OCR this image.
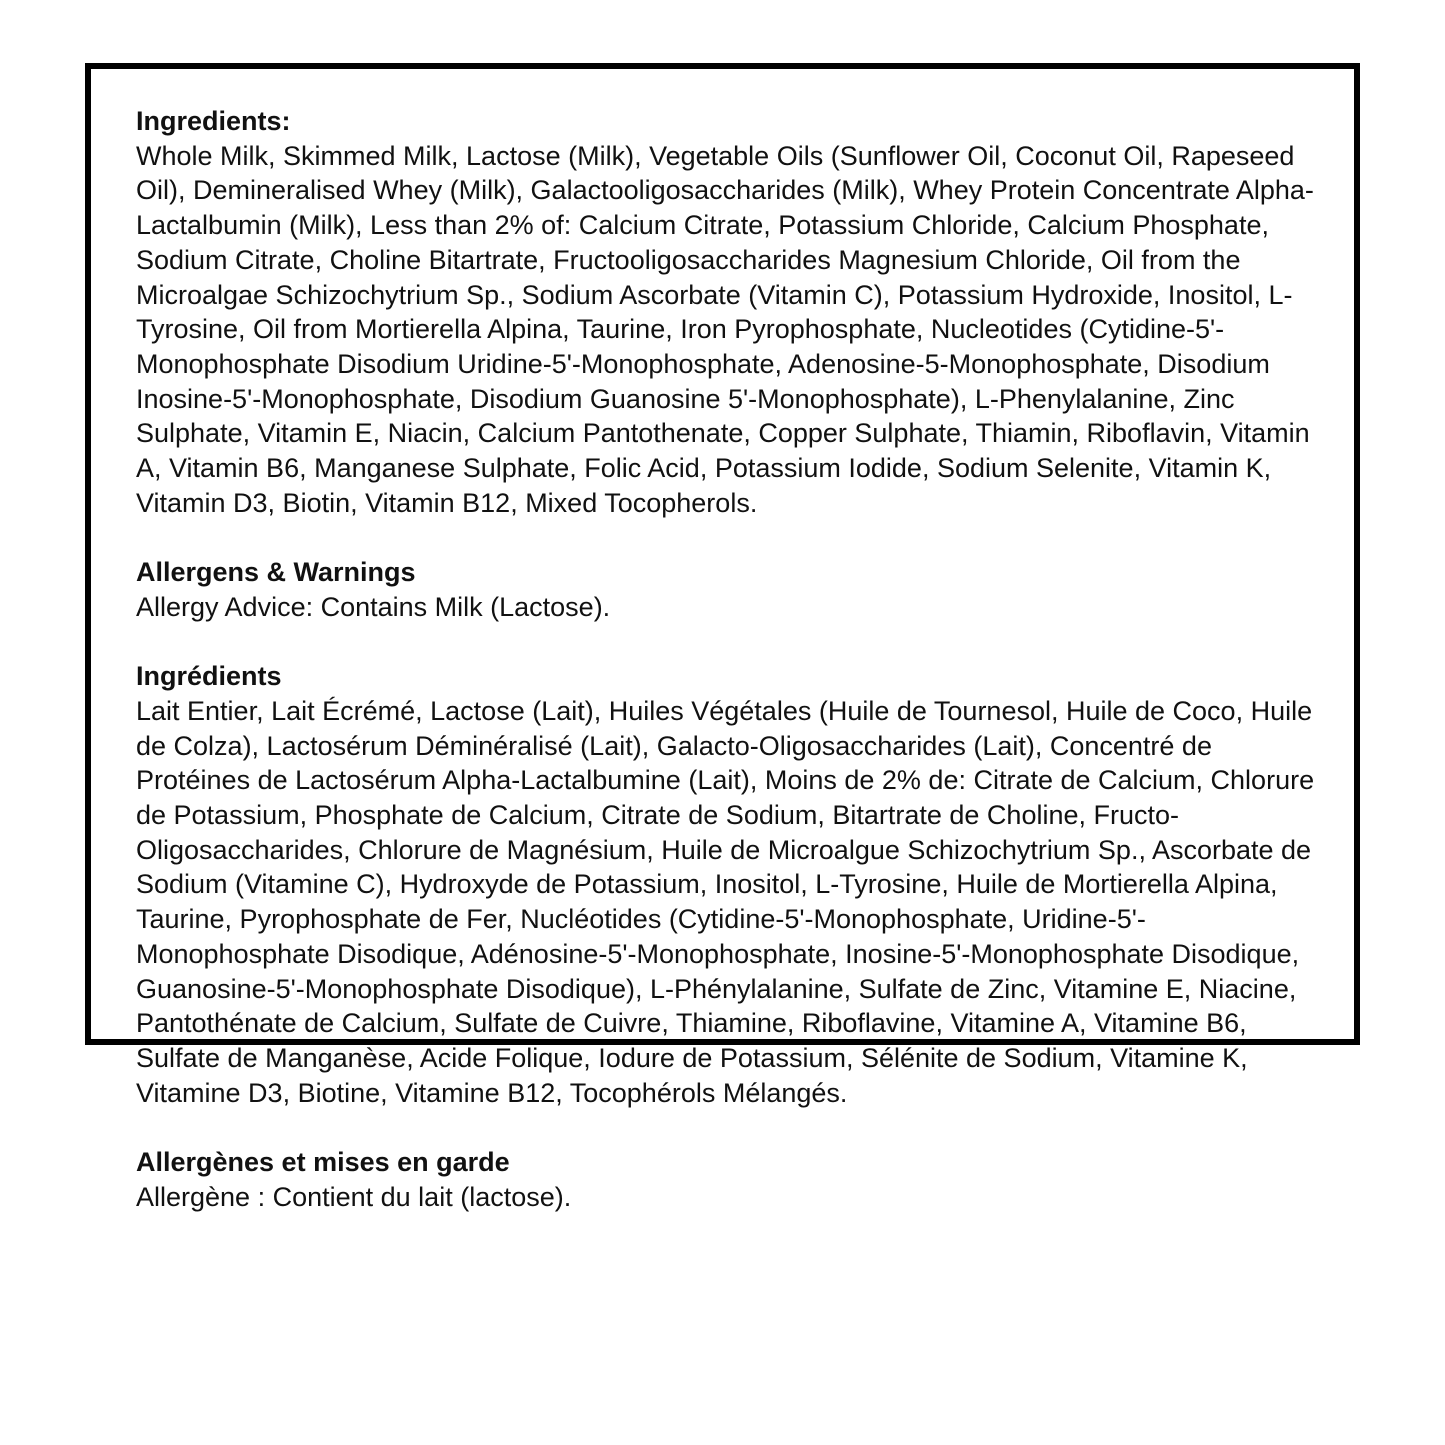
Ingredients:

Whole Milk, Skimmed Milk, Lactose (Milk), Vegetable Oils (Sunflower Oil, Coconut Oil, Rapeseed Oil), Demineralised Whey (Milk), Galactooligosaccharides (Milk), Whey Protein Concentrate Alpha-Lactalbumin (Milk), Less than 2% of: Calcium Citrate, Potassium Chloride, Calcium Phosphate, Sodium Citrate, Choline Bitartrate, Fructooligosaccharides Magnesium Chloride, Oil from the Microalgae Schizochytrium Sp., Sodium Ascorbate (Vitamin C), Potassium Hydroxide, Inositol, L-Tyrosine, Oil from Mortierella Alpina, Taurine, Iron Pyrophosphate, Nucleotides (Cytidine-5'-Monophosphate Disodium Uridine-5'-Monophosphate, Adenosine-5-Monophosphate, Disodium Inosine-5'-Monophosphate, Disodium Guanosine 5'-Monophosphate), L-Phenylalanine, Zinc Sulphate, Vitamin E, Niacin, Calcium Pantothenate, Copper Sulphate, Thiamin, Riboflavin, Vitamin A, Vitamin B6, Manganese Sulphate, Folic Acid, Potassium Iodide, Sodium Selenite, Vitamin K, Vitamin D3, Biotin, Vitamin B12, Mixed Tocopherols.

Allergens & Warnings

Allergy Advice: Contains Milk (Lactose).

Ingrédients

Lait Entier, Lait Écrémé, Lactose (Lait), Huiles Végétales (Huile de Tournesol, Huile de Coco, Huile de Colza), Lactosérum Déminéralisé (Lait), Galacto-Oligosaccharides (Lait), Concentré de Protéines de Lactosérum Alpha-Lactalbumine (Lait), Moins de 2% de: Citrate de Calcium, Chlorure de Potassium, Phosphate de Calcium, Citrate de Sodium, Bitartrate de Choline, Fructo-Oligosaccharides, Chlorure de Magnésium, Huile de Microalgue Schizochytrium Sp., Ascorbate de Sodium (Vitamine C), Hydroxyde de Potassium, Inositol, L-Tyrosine, Huile de Mortierella Alpina, Taurine, Pyrophosphate de Fer, Nucléotides (Cytidine-5'-Monophosphate, Uridine-5'-Monophosphate Disodique, Adénosine-5'-Monophosphate, Inosine-5'-Monophosphate Disodique, Guanosine-5'-Monophosphate Disodique), L-Phénylalanine, Sulfate de Zinc, Vitamine E, Niacine, Pantothénate de Calcium, Sulfate de Cuivre, Thiamine, Riboflavine, Vitamine A, Vitamine B6, Sulfate de Manganèse, Acide Folique, Iodure de Potassium, Sélénite de Sodium, Vitamine K, Vitamine D3, Biotine, Vitamine B12, Tocophérols Mélangés.

Allergènes et mises en garde

Allergène : Contient du lait (lactose).
